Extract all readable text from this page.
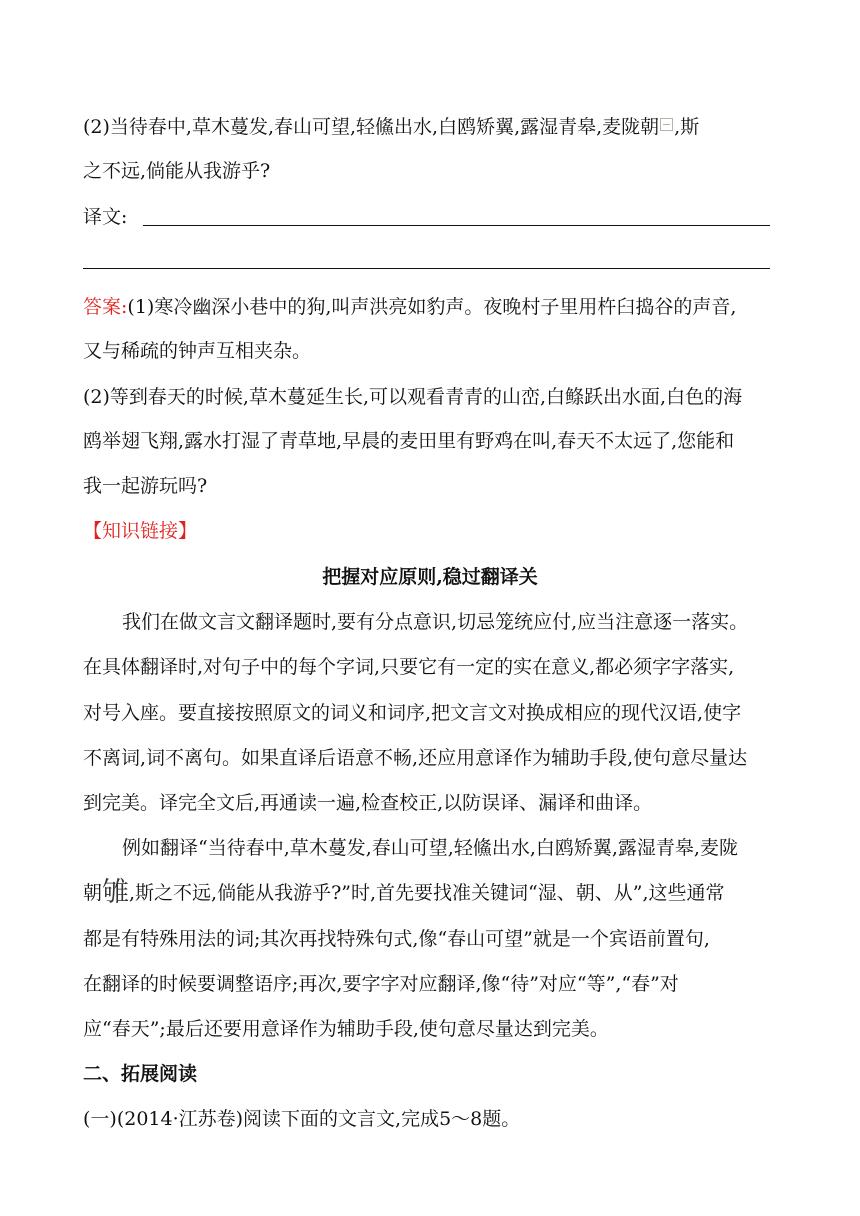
(2)当待春中,草木蔓发,春山可望,轻鯈出水,白鸥矫翼,露湿青皋,麦陇朝 ,斯
之不远,倘能从我游乎?
译文:
答案:(1)寒冷幽深小巷中的狗,叫声洪亮如豹声。夜晚村子里用杵臼捣谷的声音,
又与稀疏的钟声互相夹杂。
(2)等到春天的时候,草木蔓延生长,可以观看青青的山峦,白鲦跃出水面,白色的海
鸥举翅飞翔,露水打湿了青草地,早晨的麦田里有野鸡在叫,春天不太远了,您能和
我一起游玩吗?
【知识链接】
把握对应原则,稳过翻译关
我们在做文言文翻译题时,要有分点意识,切忌笼统应付,应当注意逐一落实。
在具体翻译时,对句子中的每个字词,只要它有一定的实在意义,都必须字字落实,
对号入座。要直接按照原文的词义和词序,把文言文对换成相应的现代汉语,使字
不离词,词不离句。如果直译后语意不畅,还应用意译作为辅助手段,使句意尽量达
到完美。译完全文后,再通读一遍,检查校正,以防误译、漏译和曲译。
例如翻译“当待春中,草木蔓发,春山可望,轻鯈出水,白鸥矫翼,露湿青皋,麦陇
朝雊,斯之不远,倘能从我游乎?”时,首先要找准关键词“湿、朝、从”,这些通常
都是有特殊用法的词;其次再找特殊句式,像“春山可望”就是一个宾语前置句,
在翻译的时候要调整语序;再次,要字字对应翻译,像“待”对应“等”,“春”对
应“春天”;最后还要用意译作为辅助手段,使句意尽量达到完美。
二、拓展阅读
(一)(2014·江苏卷)阅读下面的文言文,完成5～8题。
